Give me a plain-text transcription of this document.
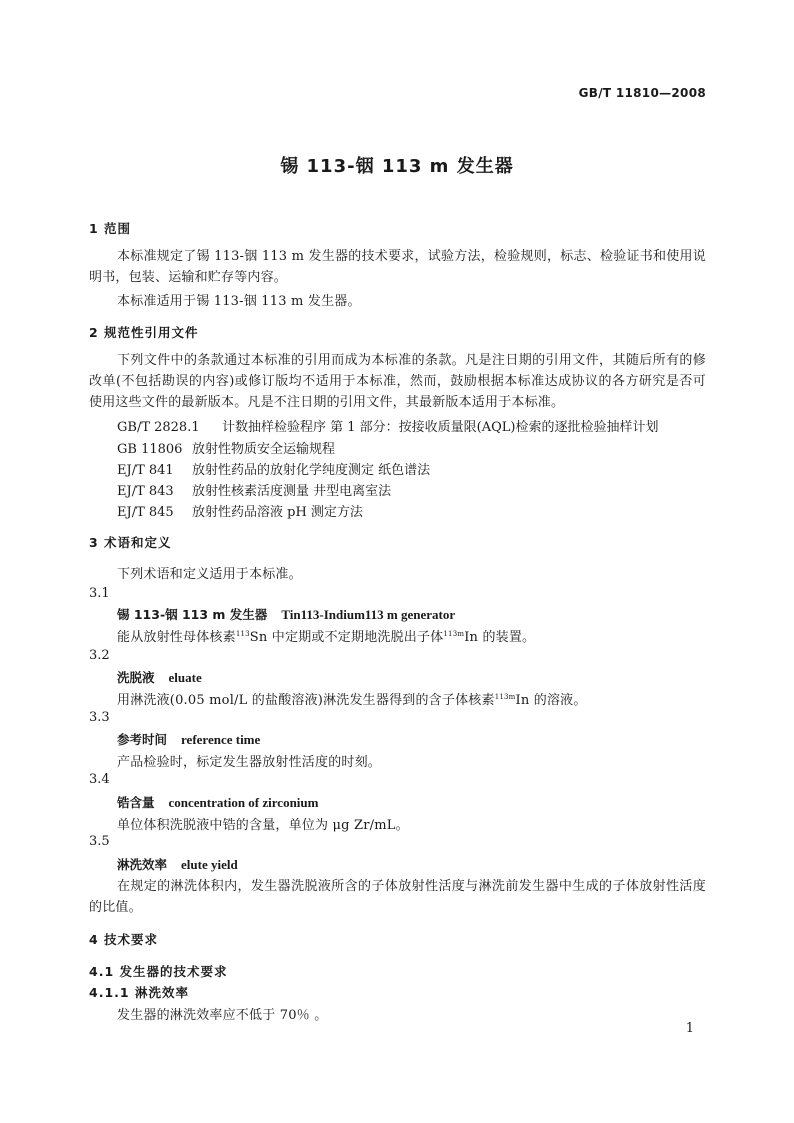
GB/T 11810—2008
锡 113-铟 113 m 发生器
1 范围
本标准规定了锡 113-铟 113 m 发生器的技术要求，试验方法，检验规则，标志、检验证书和使用说明书，包装、运输和贮存等内容。
本标准适用于锡 113-铟 113 m 发生器。
2 规范性引用文件
下列文件中的条款通过本标准的引用而成为本标准的条款。凡是注日期的引用文件，其随后所有的修改单(不包括勘误的内容)或修订版均不适用于本标准，然而，鼓励根据本标准达成协议的各方研究是否可使用这些文件的最新版本。凡是不注日期的引用文件，其最新版本适用于本标准。
GB/T 2828.1 计数抽样检验程序 第 1 部分：按接收质量限(AQL)检索的逐批检验抽样计划
GB 11806 放射性物质安全运输规程
EJ/T 841 放射性药品的放射化学纯度测定 纸色谱法
EJ/T 843 放射性核素活度测量 井型电离室法
EJ/T 845 放射性药品溶液 pH 测定方法
3 术语和定义
下列术语和定义适用于本标准。
3.1
锡 113-铟 113 m 发生器 Tin113-Indium113 m generator
能从放射性母体核素$^{113}$Sn 中定期或不定期地洗脱出子体$^{113m}$In 的装置。
3.2
洗脱液 eluate
用淋洗液(0.05 mol/L 的盐酸溶液)淋洗发生器得到的含子体核素$^{113m}$In 的溶液。
3.3
参考时间 reference time
产品检验时，标定发生器放射性活度的时刻。
3.4
锆含量 concentration of zirconium
单位体积洗脱液中锆的含量，单位为 μg Zr/mL。
3.5
淋洗效率 elute yield
在规定的淋洗体积内，发生器洗脱液所含的子体放射性活度与淋洗前发生器中生成的子体放射性活度的比值。
4 技术要求
4.1 发生器的技术要求
4.1.1 淋洗效率
发生器的淋洗效率应不低于 70％ 。
1
